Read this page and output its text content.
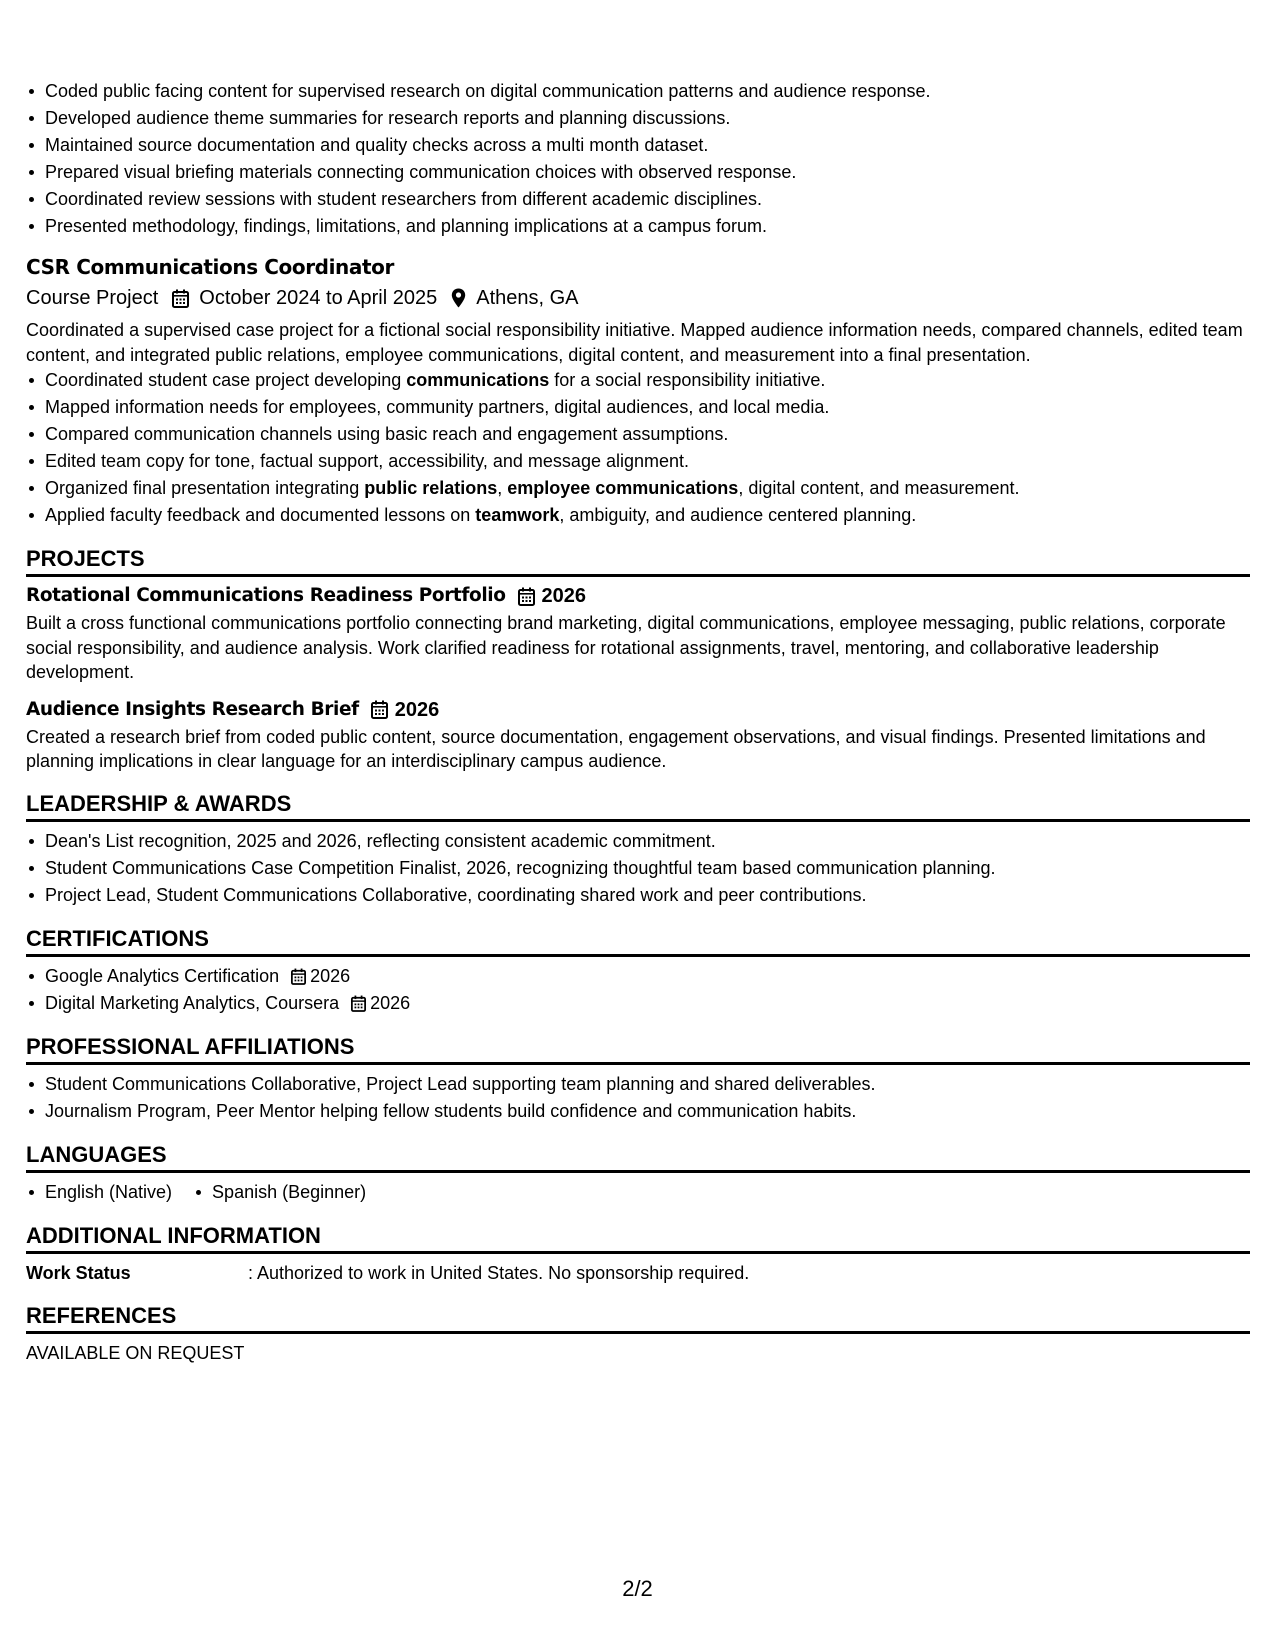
Coded public facing content for supervised research on digital communication patterns and audience response.
Developed audience theme summaries for research reports and planning discussions.
Maintained source documentation and quality checks across a multi month dataset.
Prepared visual briefing materials connecting communication choices with observed response.
Coordinated review sessions with student researchers from different academic disciplines.
Presented methodology, findings, limitations, and planning implications at a campus forum.
CSR Communications Coordinator
Course Project October 2024 to April 2025 Athens, GA
Coordinated a supervised case project for a fictional social responsibility initiative. Mapped audience information needs, compared channels, edited team content, and integrated public relations, employee communications, digital content, and measurement into a final presentation.
Coordinated student case project developing communications for a social responsibility initiative.
Mapped information needs for employees, community partners, digital audiences, and local media.
Compared communication channels using basic reach and engagement assumptions.
Edited team copy for tone, factual support, accessibility, and message alignment.
Organized final presentation integrating public relations, employee communications, digital content, and measurement.
Applied faculty feedback and documented lessons on teamwork, ambiguity, and audience centered planning.
PROJECTS
Rotational Communications Readiness Portfolio 2026
Built a cross functional communications portfolio connecting brand marketing, digital communications, employee messaging, public relations, corporate social responsibility, and audience analysis. Work clarified readiness for rotational assignments, travel, mentoring, and collaborative leadership development.
Audience Insights Research Brief 2026
Created a research brief from coded public content, source documentation, engagement observations, and visual findings. Presented limitations and planning implications in clear language for an interdisciplinary campus audience.
LEADERSHIP & AWARDS
Dean's List recognition, 2025 and 2026, reflecting consistent academic commitment.
Student Communications Case Competition Finalist, 2026, recognizing thoughtful team based communication planning.
Project Lead, Student Communications Collaborative, coordinating shared work and peer contributions.
CERTIFICATIONS
Google Analytics Certification 2026
Digital Marketing Analytics, Coursera 2026
PROFESSIONAL AFFILIATIONS
Student Communications Collaborative, Project Lead supporting team planning and shared deliverables.
Journalism Program, Peer Mentor helping fellow students build confidence and communication habits.
LANGUAGES
English (Native) Spanish (Beginner)
ADDITIONAL INFORMATION
Work Status	: Authorized to work in United States. No sponsorship required.
REFERENCES
AVAILABLE ON REQUEST
2/2
